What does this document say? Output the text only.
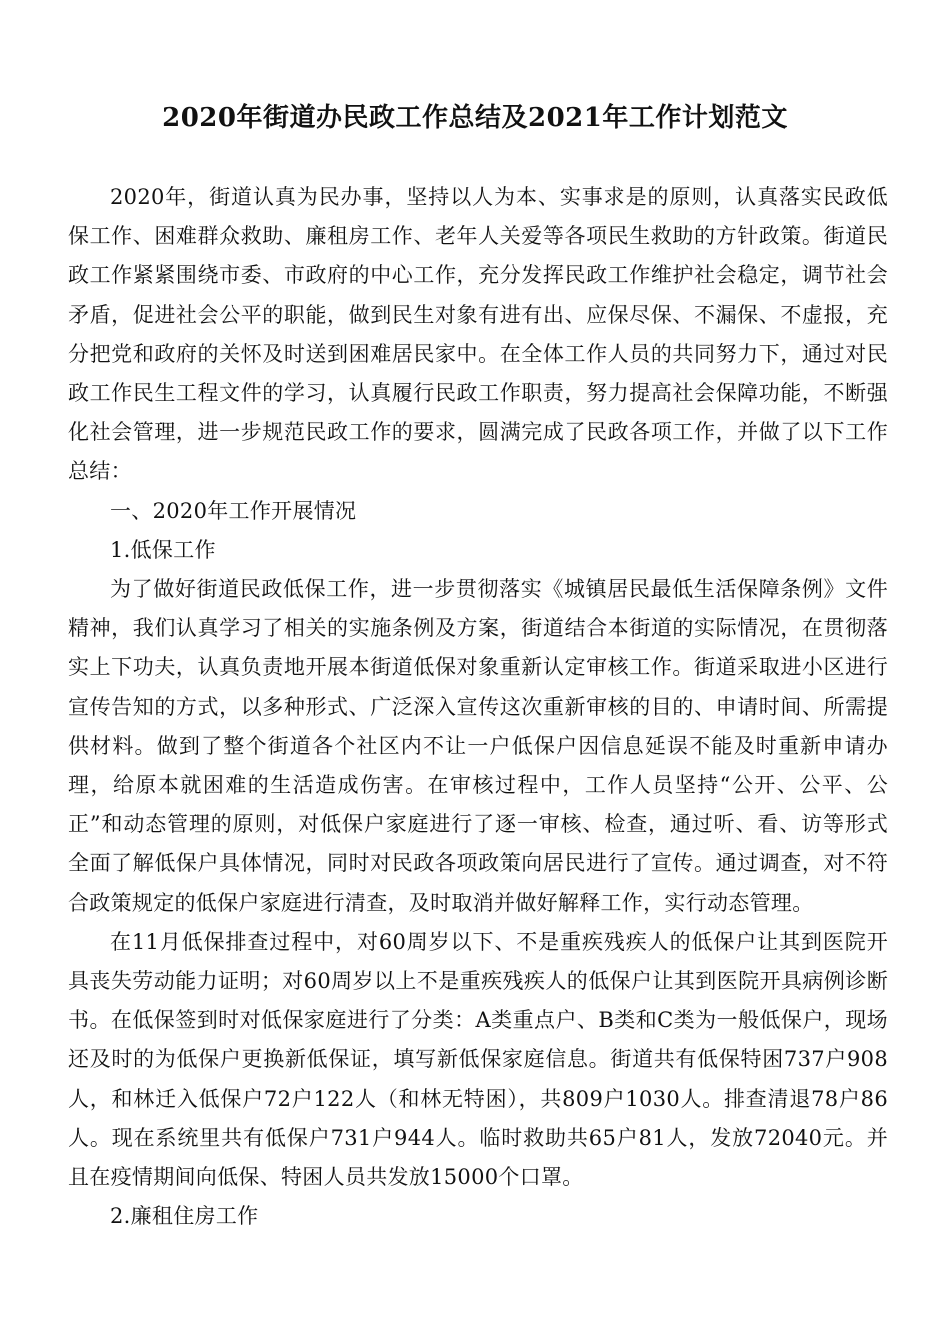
2020年街道办民政工作总结及2021年工作计划范文

2020年，街道认真为民办事，坚持以人为本、实事求是的原则，认真落实民政低保工作、困难群众救助、廉租房工作、老年人关爱等各项民生救助的方针政策。街道民政工作紧紧围绕市委、市政府的中心工作，充分发挥民政工作维护社会稳定，调节社会矛盾，促进社会公平的职能，做到民生对象有进有出、应保尽保、不漏保、不虚报，充分把党和政府的关怀及时送到困难居民家中。在全体工作人员的共同努力下，通过对民政工作民生工程文件的学习，认真履行民政工作职责，努力提高社会保障功能，不断强化社会管理，进一步规范民政工作的要求，圆满完成了民政各项工作，并做了以下工作总结：

一、2020年工作开展情况

1.低保工作

为了做好街道民政低保工作，进一步贯彻落实《城镇居民最低生活保障条例》文件精神，我们认真学习了相关的实施条例及方案，街道结合本街道的实际情况，在贯彻落实上下功夫，认真负责地开展本街道低保对象重新认定审核工作。街道采取进小区进行宣传告知的方式，以多种形式、广泛深入宣传这次重新审核的目的、申请时间、所需提供材料。做到了整个街道各个社区内不让一户低保户因信息延误不能及时重新申请办理，给原本就困难的生活造成伤害。在审核过程中，工作人员坚持“公开、公平、公正”和动态管理的原则，对低保户家庭进行了逐一审核、检查，通过听、看、访等形式全面了解低保户具体情况，同时对民政各项政策向居民进行了宣传。通过调查，对不符合政策规定的低保户家庭进行清查，及时取消并做好解释工作，实行动态管理。

在11月低保排查过程中，对60周岁以下、不是重疾残疾人的低保户让其到医院开具丧失劳动能力证明；对60周岁以上不是重疾残疾人的低保户让其到医院开具病例诊断书。在低保签到时对低保家庭进行了分类：A类重点户、B类和C类为一般低保户，现场还及时的为低保户更换新低保证，填写新低保家庭信息。街道共有低保特困737户908人，和林迁入低保户72户122人（和林无特困），共809户1030人。排查清退78户86人。现在系统里共有低保户731户944人。临时救助共65户81人，发放72040元。并且在疫情期间向低保、特困人员共发放15000个口罩。

2.廉租住房工作
